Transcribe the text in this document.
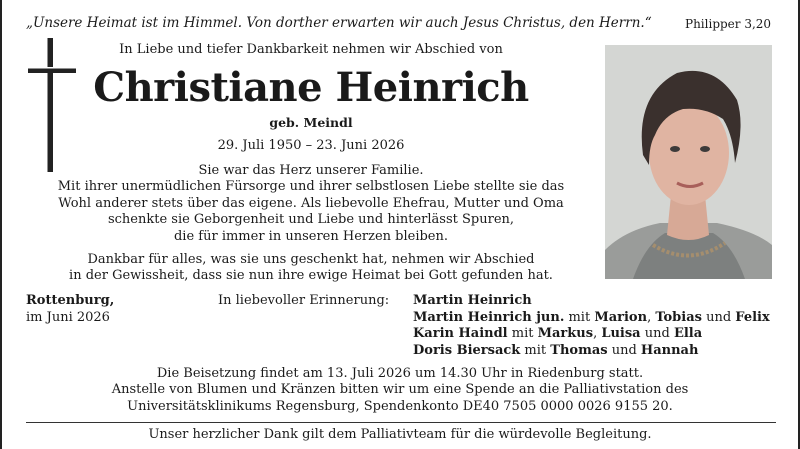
„Unsere Heimat ist im Himmel. Von dorther erwarten wir auch Jesus Christus, den Herrn.“	Philipper 3,20
In Liebe und tiefer Dankbarkeit nehmen wir Abschied von
Christiane Heinrich
geb. Meindl
29. Juli 1950 – 23. Juni 2026
Sie war das Herz unserer Familie.
Mit ihrer unermüdlichen Fürsorge und ihrer selbstlosen Liebe stellte sie das
Wohl anderer stets über das eigene. Als liebevolle Ehefrau, Mutter und Oma
schenkte sie Geborgenheit und Liebe und hinterlässt Spuren,
die für immer in unseren Herzen bleiben.
Dankbar für alles, was sie uns geschenkt hat, nehmen wir Abschied
in der Gewissheit, dass sie nun ihre ewige Heimat bei Gott gefunden hat.
Rottenburg,
im Juni 2026
In liebevoller Erinnerung: Martin Heinrich
Martin Heinrich jun. mit Marion, Tobias und Felix
Karin Haindl mit Markus, Luisa und Ella
Doris Biersack mit Thomas und Hannah
Die Beisetzung findet am 13. Juli 2026 um 14.30 Uhr in Riedenburg statt.
Anstelle von Blumen und Kränzen bitten wir um eine Spende an die Palliativstation des
Universitätsklinikums Regensburg, Spendenkonto DE40 7505 0000 0026 9155 20.
Unser herzlicher Dank gilt dem Palliativteam für die würdevolle Begleitung.
